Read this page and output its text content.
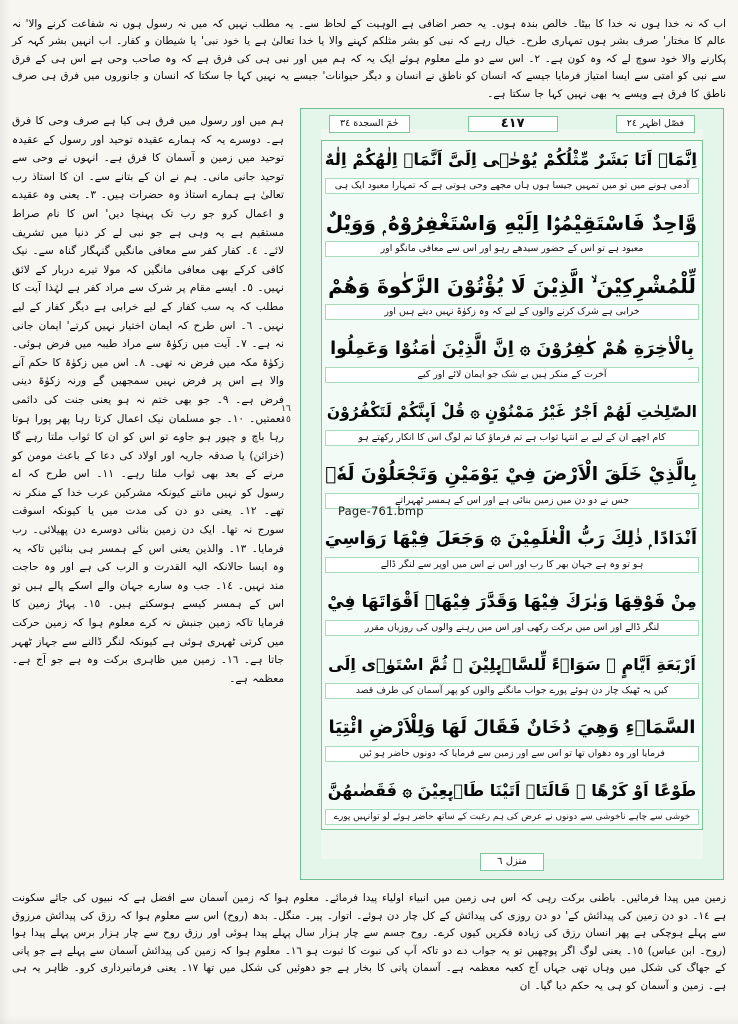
اب کہ نہ خدا ہوں نہ خدا کا بیٹا۔ خالص بندہ ہوں۔ یہ حصر اضافی ہے الوہیت کے لحاظ سے۔ یہ مطلب نہیں کہ میں نہ رسول ہوں نہ شفاعت کرنے والا' نہ عالم کا مختار' صرف بشر ہوں تمہاری طرح۔ خیال رہے کہ نبی کو بشر مثلکم کہنے والا یا خدا تعالیٰ ہے یا خود نبی' یا شیطان و کفار۔ اب انہیں بشر کہہ کر پکارنے والا خود سوچ لے کہ وہ کون ہے۔ ٢۔ اس سے دو ملے معلوم ہوئے ایک یہ کہ ہم میں اور نبی ہی کی فرق ہے کہ وہ صاحب وحی ہے اس ہی کے فرق سے نبی کو امتی سے ایسا امتیاز فرمایا جیسے کہ انسان کو ناطق نے انسان و دیگر حیوانات' جیسے یہ نہیں کہا جا سکتا کہ انسان و جانوروں میں فرق ہی صرف ناطق کا فرق ہے ویسے یہ بھی نہیں کہا جا سکتا ہے۔
ہم میں اور رسول میں فرق ہی کیا ہے صرف وحی کا فرق ہے۔ دوسرے یہ کہ ہمارے عقیدہ توحید اور رسول کے عقیدہ توحید میں زمین و آسمان کا فرق ہے۔ انہوں نے وحی سے توحید جانی مانی۔ ہم نے ان کے بتانے سے۔ ان کا استاذ رب تعالیٰ ہے ہمارے استاذ وہ حضرات ہیں۔ ٣۔ یعنی وہ عقیدے و اعمال کرو جو رب تک پہنچا دیں' اس کا نام صراط مستقیم ہے یہ وہی ہے جو نبی لے کر دنیا میں تشریف لائے۔ ٤۔ کفار کفر سے معافی مانگیں گنہگار گناہ سے۔ نیک کافی کرکے بھی معافی مانگیں کہ مولا تیرے دربار کے لائق نہیں۔ ٥۔ ایسے مقام پر شرک سے مراد کفر ہے لہٰذا آیت کا مطلب کہ یہ سب کفار کے لیے خرابی ہے دیگر کفار کے لیے نہیں۔ ٦۔ اس طرح کہ ایمان اختیار نہیں کرتے' ایمان جانی نہ ہے۔ ٧۔ آیت میں زکوٰۃ سے مراد طیبہ میں فرض ہوئی۔ زکوٰۃ مکہ میں فرض نہ تھی۔ ٨۔ اس میں زکوٰۃ کا حکم آنے والا ہے اس پر فرض نہیں سمجھیں گے ورنہ زکوٰۃ دینی فرض ہے۔ ٩۔ جو بھی ختم نہ ہو یعنی جنت کی دائمی نعمتیں۔ ١٠۔ جو مسلمان نیک اعمال کرتا رہا پھر پورا ہوتا رہا باچ و چپور ہو جاوے تو اس کو ان کا ثواب ملتا رہے گا (خزائن) یا صدقہ جاریہ اور اولاد کی دعا کے باعث مومن کو مرنے کے بعد بھی ثواب ملتا رہے۔ ١١۔ اس طرح کہ اے رسول کو نہیں مانتے کیونکہ مشرکین عرب خدا کے منکر نہ تھے۔ ١٢۔ یعنی دو دن کی مدت میں یا کیونکہ اسوقت سورج نہ تھا۔ ایک دن زمین بنائی دوسرے دن پھیلائی۔ رب فرمایا۔ ١٣۔ والذین یعنی اس کے ہمسر ہی بنائیں تاکہ یہ وہ ایسا حالانکہ الیہ القدرت و الرب کی ہے اور وہ حاجت مند نہیں۔ ١٤۔ جب وہ سارے جہان والے اسکے پالے ہیں تو اس کے ہمسر کیسے ہوسکتے ہیں۔ ١٥۔ پہاڑ زمین کا فرمایا تاکہ زمین جنبش نہ کرے معلوم ہوا کہ زمین حرکت میں کرتی ٹھہری ہوئی ہے کیونکہ لنگر ڈالنے سے جہاز ٹھہر جاتا ہے۔ ١٦۔ زمین میں ظاہری برکت وہ ہے جو آج ہے۔ معظمہ ہے۔
١٦ ١٥
حٰمٓ السجدة ٣٤	٤١٧	فصّل اظہر ٢٤
اِنَّمَاۤ اَنَا بَشَرٌ مِّثْلُكُمْ يُوْحٰۤى اِلَىَّ اَنَّمَاۤ اِلٰهُكُمْ اِلٰهٌ
آدمی ہونے میں تو میں تمہیں جیسا ہوں ہاں مجھے وحی ہوتی ہے کہ تمہارا معبود ایک ہی
وَّاحِدٌ فَاسْتَقِيْمُوْۤا اِلَيْهِ وَاسْتَغْفِرُوْهُ ۭ وَوَيْلٌ
معبود ہے تو اس کے حضور سیدھے رہو اور اس سے معافی مانگو اور
لِّلْمُشْرِكِيْنَ ۙ الَّذِيْنَ لَا يُؤْتُوْنَ الزَّكٰوةَ وَهُمْ
خرابی ہے شرک کرنے والوں کے لیے کہ وہ زکوٰۃ نہیں دیتے ہیں اور
بِالْاٰخِرَةِ هُمْ كٰفِرُوْنَ ۞ اِنَّ الَّذِيْنَ اٰمَنُوْا وَعَمِلُوا
آخرت کے منکر ہیں بے شک جو ایمان لائے اور کیے
الصّٰلِحٰتِ لَهُمْ اَجْرٌ غَيْرُ مَمْنُوْنٍ ۞ قُلْ اَىِٕنَّكُمْ لَتَكْفُرُوْنَ
کام اچھے ان کے لیے بے انتہا ثواب ہے تم فرماؤ کیا تم لوگ اس کا انکار رکھتے ہو
بِالَّذِيْ خَلَقَ الْاَرْضَ فِيْ يَوْمَيْنِ وَتَجْعَلُوْنَ لَهٗۤ
جس نے دو دن میں زمین بنائی ہے اور اس کے ہمسر ٹھہراتے
اَنْدَادًا ۭ ذٰلِكَ رَبُّ الْعٰلَمِيْنَ ۞ وَجَعَلَ فِيْهَا رَوَاسِيَ
ہو تو وہ ہے جہان بھر کا رب اور اس نے اس میں اوپر سے لنگر ڈالے
مِنْ فَوْقِهَا وَبٰرَكَ فِيْهَا وَقَدَّرَ فِيْهَاۤ اَقْوَاتَهَا فِيْ
لنگر ڈالے اور اس میں برکت رکھی اور اس میں رہنے والوں کی روزیاں مقرر
اَرْبَعَةِ اَيَّامٍ ۭ سَوَاۗءً لِّلسَّاۗىِٕلِيْنَ ۞ ثُمَّ اسْتَوٰۤى اِلَى
کیں یہ ٹھیک چار دن ہوئے پورے جواب مانگنے والوں کو پھر آسمان کی طرف قصد
السَّمَاۗءِ وَهِيَ دُخَانٌ فَقَالَ لَهَا وَلِلْاَرْضِ ائْتِيَا
فرمایا اور وہ دھواں تھا تو اس سے اور زمین سے فرمایا کہ دونوں حاضر ہو ئیں
طَوْعًا اَوْ كَرْهًا ۭ قَالَتَاۤ اَتَيْنَا طَاۗىِٕعِيْنَ ۞ فَقَضٰىهُنَّ
خوشی سے چاہے ناخوشی سے دونوں نے عرض کی ہم رغبت کے ساتھ حاضر ہوئے لو توانہیں پورے
منزل ٦
زمین میں پیدا فرمائیں۔ باطنی برکت رہی کہ اس ہی زمین میں انبیاء اولیاء پیدا فرمائے۔ معلوم ہوا کہ زمین آسمان سے افضل ہے کہ نبیوں کی جائے سکونت ہے ١٤۔ دو دن زمین کی پیدائش کے' دو دن روزی کی پیدائش کے کل چار دن ہوئے۔ اتوار۔ پیر۔ منگل۔ بدھ (روح) اس سے معلوم ہوا کہ رزق کی پیدائش مرزوق سے پہلے ہوچکی ہے پھر انسان رزق کی زیادہ فکریں کیوں کرے۔ روح جسم سے چار ہزار سال پہلے پیدا ہوئی اور رزق روح سے چار ہزار برس پہلے پیدا ہوا (روح۔ ابن عباس) ١٥۔ یعنی لوگ اگر پوچھیں تو یہ جواب دے دو تاکہ آپ کی نبوت کا ثبوت ہو ١٦۔ معلوم ہوا کہ زمین کی پیدائش آسمان سے پہلے ہے جو پانی کے جھاگ کی شکل میں وہاں تھی جہاں آج کعبہ معظمہ ہے۔ آسمان پانی کا بخار ہے جو دھوئیں کی شکل میں تھا ١٧۔ یعنی فرمانبرداری کرو۔ ظاہر یہ ہی ہے۔ زمین و آسمان کو ہی یہ حکم دیا گیا۔ ان
Page-761.bmp
